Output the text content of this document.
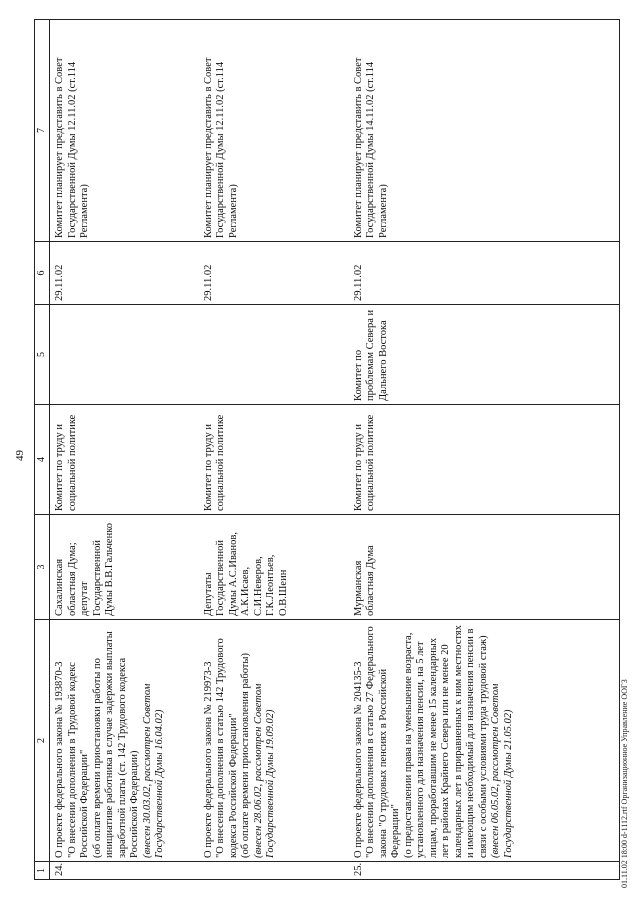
49
1	2	3	4	5	6	7
24.	О проекте федерального закона № 193870-3 "О внесении дополнения в Трудовой кодекс Российской Федерации" (об оплате времени приостановки работы по инициативе работника в случае задержки выплаты заработной платы (ст. 142 Трудового кодекса Российской Федерации) (внесен 30.03.02, рассмотрен Советом Государственной Думы 16.04.02)	Сахалинская областная Дума; депутат Государственной Думы В.В.Гальченко	Комитет по труду и социальной политике		29.11.02	Комитет планирует представить в Совет Государственной Думы 12.11.02 (ст.114 Регламента)

	О проекте федерального закона № 219973-3 "О внесении дополнения в статью 142 Трудового кодекса Российской Федерации" (об оплате времени приостановления работы) (внесен 28.06.02, рассмотрен Советом Государственной Думы 19.09.02)	Депутаты Государственной Думы А.С.Иванов, А.К.Исаев, С.И.Неверов, Г.К.Леонтьев, О.В.Шеин	Комитет по труду и социальной политике		29.11.02	Комитет планирует представить в Совет Государственной Думы 12.11.02 (ст.114 Регламента)
25.	О проекте федерального закона № 204135-3 "О внесении дополнения в статью 27 Федерального закона "О трудовых пенсиях в Российской Федерации" (о предоставлении права на уменьшение возраста, установленного для назначения пенсии, на 5 лет лицам, проработавшим не менее 15 календарных лет в районах Крайнего Севера или не менее 20 календарных лет в приравненных к ним местностях и имеющим необходимый для назначения пенсии в связи с особыми условиями труда трудовой стаж) (внесен 06.05.02, рассмотрен Советом Государственной Думы 21.05.02)	Мурманская областная Дума	Комитет по труду и социальной политике	Комитет по проблемам Севера и Дальнего Востока	29.11.02	Комитет планирует представить в Совет Государственной Думы 14.11.02 (ст.114 Регламента)
01.11.02 18:00 d-1112.rtf Организационное Управление ООГЗ
